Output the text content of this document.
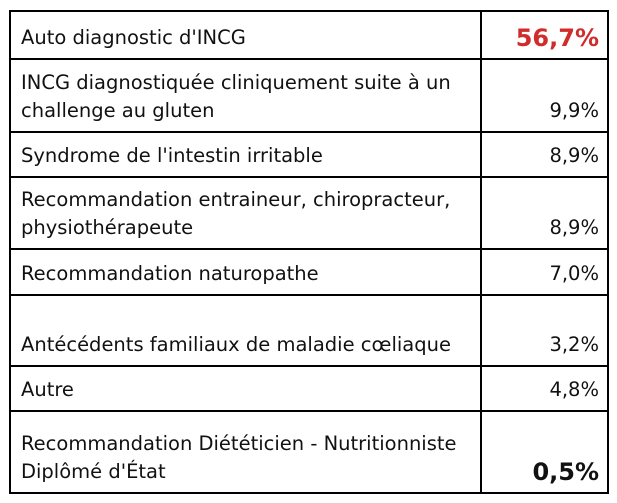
Auto diagnostic d'INCG	56,7%
INCG diagnostiquée cliniquement suite à un challenge au gluten	9,9%
Syndrome de l'intestin irritable	8,9%
Recommandation entraineur, chiropracteur, physiothérapeute	8,9%
Recommandation naturopathe	7,0%
Antécédents familiaux de maladie cœliaque	3,2%
Autre	4,8%
Recommandation Diététicien - Nutritionniste Diplômé d'État	0,5%
